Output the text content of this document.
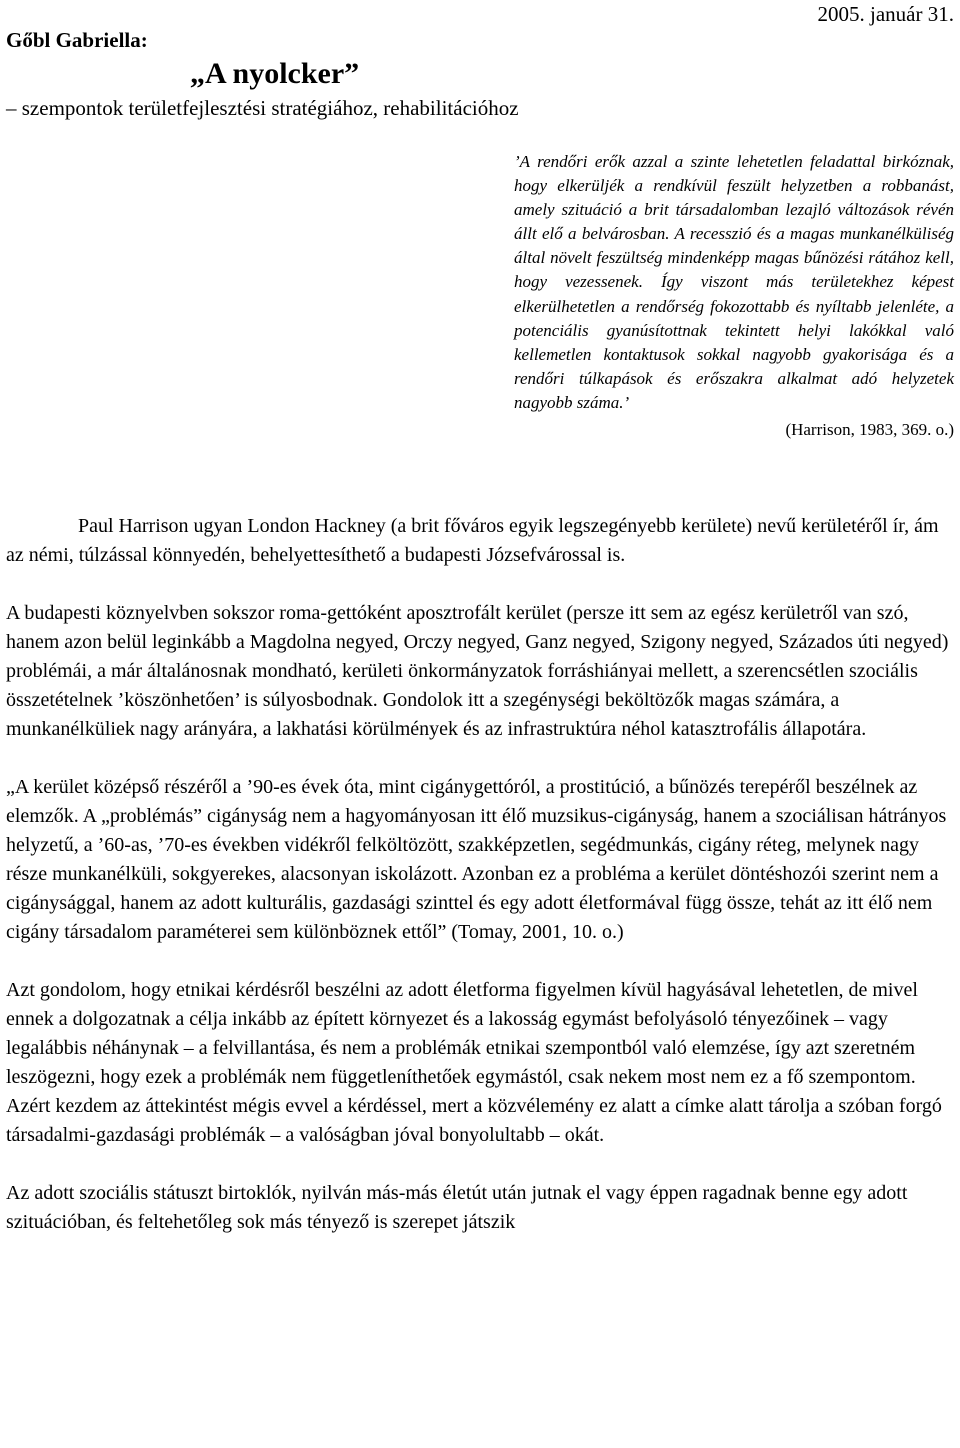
Gőbl Gabriella:
2005. január 31.
„A nyolcker”
– szempontok területfejlesztési stratégiához, rehabilitációhoz

’A rendőri erők azzal a szinte lehetetlen feladattal birkóznak, hogy elkerüljék a rendkívül feszült helyzetben a robbanást, amely szituáció a brit társadalomban lezajló változások révén állt elő a belvárosban. A recesszió és a magas munkanélküliség által növelt feszültség mindenképp magas bűnözési rátához kell, hogy vezessenek. Így viszont más területekhez képest elkerülhetetlen a rendőrség fokozottabb és nyíltabb jelenléte, a potenciális gyanúsítottnak tekintett helyi lakókkal való kellemetlen kontaktusok sokkal nagyobb gyakorisága és a rendőri túlkapások és erőszakra alkalmat adó helyzetek nagyobb száma.’

(Harrison, 1983, 369. o.)

Paul Harrison ugyan London Hackney (a brit főváros egyik legszegényebb kerülete) nevű kerületéről ír, ám az némi, túlzással könnyedén, behelyettesíthető a budapesti Józsefvárossal is.

A budapesti köznyelvben sokszor roma-gettóként aposztrofált kerület (persze itt sem az egész kerületről van szó, hanem azon belül leginkább a Magdolna negyed, Orczy negyed, Ganz negyed, Szigony negyed, Százados úti negyed) problémái, a már általánosnak mondható, kerületi önkormányzatok forráshiányai mellett, a szerencsétlen szociális összetételnek ’köszönhetően’ is súlyosbodnak. Gondolok itt a szegénységi beköltözők magas számára, a munkanélküliek nagy arányára, a lakhatási körülmények és az infrastruktúra néhol katasztrofális állapotára.

„A kerület középső részéről a ’90-es évek óta, mint cigánygettóról, a prostitúció, a bűnözés terepéről beszélnek az elemzők. A „problémás” cigányság nem a hagyományosan itt élő muzsikus-cigányság, hanem a szociálisan hátrányos helyzetű, a ’60-as, ’70-es években vidékről felköltözött, szakképzetlen, segédmunkás, cigány réteg, melynek nagy része munkanélküli, sokgyerekes, alacsonyan iskolázott. Azonban ez a probléma a kerület döntéshozói szerint nem a cigánysággal, hanem az adott kulturális, gazdasági szinttel és egy adott életformával függ össze, tehát az itt élő nem cigány társadalom paraméterei sem különböznek ettől” (Tomay, 2001, 10. o.)

Azt gondolom, hogy etnikai kérdésről beszélni az adott életforma figyelmen kívül hagyásával lehetetlen, de mivel ennek a dolgozatnak a célja inkább az épített környezet és a lakosság egymást befolyásoló tényezőinek – vagy legalábbis néhánynak – a felvillantása, és nem a problémák etnikai szempontból való elemzése, így azt szeretném leszögezni, hogy ezek a problémák nem függetleníthetőek egymástól, csak nekem most nem ez a fő szempontom. Azért kezdem az áttekintést mégis evvel a kérdéssel, mert a közvélemény ez alatt a címke alatt tárolja a szóban forgó társadalmi-gazdasági problémák – a valóságban jóval bonyolultabb – okát.

Az adott szociális státuszt birtoklók, nyilván más-más életút után jutnak el vagy éppen ragadnak benne egy adott szituációban, és feltehetőleg sok más tényező is szerepet játszik
